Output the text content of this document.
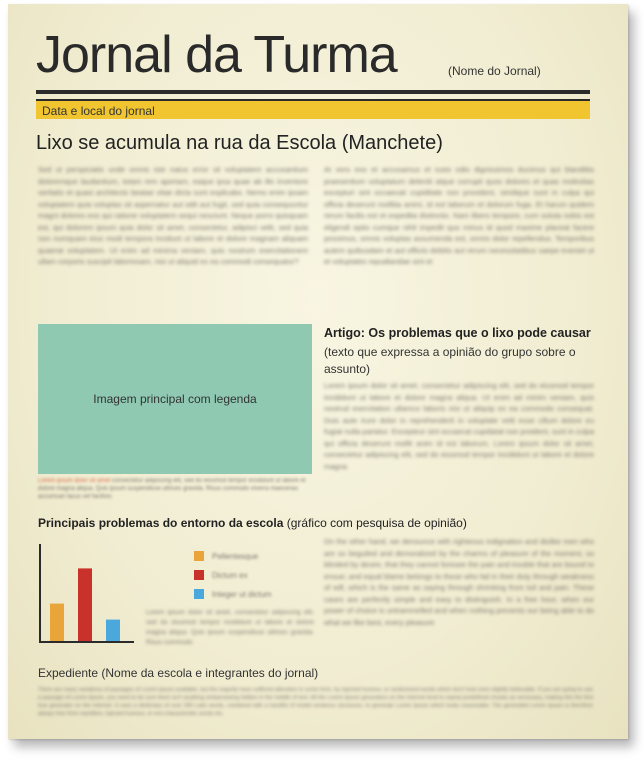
Jornal da Turma	(Nome do Jornal)
Data e local do jornal
Lixo se acumula na rua da Escola (Manchete)
Sed ut perspiciatis unde omnis iste natus error sit voluptatem accusantium doloremque laudantium, totam rem aperiam, eaque ipsa quae ab illo inventore veritatis et quasi architecto beatae vitae dicta sunt explicabo. Nemo enim ipsam voluptatem quia voluptas sit aspernatur aut odit aut fugit, sed quia consequuntur magni dolores eos qui ratione voluptatem sequi nesciunt. Neque porro quisquam est, qui dolorem ipsum quia dolor sit amet, consectetur, adipisci velit, sed quia non numquam eius modi tempora incidunt ut labore et dolore magnam aliquam quaerat voluptatem. Ut enim ad minima veniam, quis nostrum exercitationem ullam corporis suscipit laboriosam, nisi ut aliquid ex ea commodi consequatur?
At vero eos et accusamus et iusto odio dignissimos ducimus qui blanditiis praesentium voluptatum deleniti atque corrupti quos dolores et quas molestias excepturi sint occaecati cupiditate non provident, similique sunt in culpa qui officia deserunt mollitia animi, id est laborum et dolorum fuga. Et harum quidem rerum facilis est et expedita distinctio. Nam libero tempore, cum soluta nobis est eligendi optio cumque nihil impedit quo minus id quod maxime placeat facere possimus, omnis voluptas assumenda est, omnis dolor repellendus. Temporibus autem quibusdam et aut officiis debitis aut rerum necessitatibus saepe eveniet ut et voluptates repudiandae sint et
Imagem principal com legenda
Lorem ipsum dolor sit amet consectetur adipiscing elit, sed do eiusmod tempor incididunt ut labore et dolore magna aliqua. Quis ipsum suspendisse ultrices gravida. Risus commodo viverra maecenas accumsan lacus vel facilisis.
Artigo: Os problemas que o lixo pode causar
(texto que expressa a opinião do grupo sobre o assunto)
Lorem ipsum dolor sit amet, consectetur adipiscing elit, sed do eiusmod tempor incididunt ut labore et dolore magna aliqua. Ut enim ad minim veniam, quis nostrud exercitation ullamco laboris nisi ut aliquip ex ea commodo consequat. Duis aute irure dolor in reprehenderit in voluptate velit esse cillum dolore eu fugiat nulla pariatur. Excepteur sint occaecat cupidatat non proident, sunt in culpa qui officia deserunt mollit anim id est laborum. Lorem ipsum dolor sit amet, consectetur adipiscing elit, sed do eiusmod tempor incididunt ut labore et dolore magna
Principais problemas do entorno da escola (gráfico com pesquisa de opinião)
Pellentesque
Dictum ex
Integer ut dictum
Lorem ipsum dolor sit amet, consectetur adipiscing elit, sed do eiusmod tempor incididunt ut labore et dolore magna aliqua. Quis ipsum suspendisse ultrices gravida. Risus commodo
On the other hand, we denounce with righteous indignation and dislike men who are so beguiled and demoralized by the charms of pleasure of the moment, so blinded by desire, that they cannot foresee the pain and trouble that are bound to ensue; and equal blame belongs to those who fail in their duty through weakness of will, which is the same as saying through shrinking from toil and pain. These cases are perfectly simple and easy to distinguish. In a free hour, when our power of choice is untrammelled and when nothing prevents our being able to do what we like best, every pleasure
Expediente (Nome da escola e integrantes do jornal)
There are many variations of passages of Lorem Ipsum available, but the majority have suffered alteration in some form, by injected humour, or randomised words which don't look even slightly believable. If you are going to use a passage of Lorem Ipsum, you need to be sure there isn't anything embarrassing hidden in the middle of text. All the Lorem Ipsum generators on the Internet tend to repeat predefined chunks as necessary, making this the first true generator on the Internet. It uses a dictionary of over 200 Latin words, combined with a handful of model sentence structures, to generate Lorem Ipsum which looks reasonable. The generated Lorem Ipsum is therefore always free from repetition, injected humour, or non-characteristic words etc.
